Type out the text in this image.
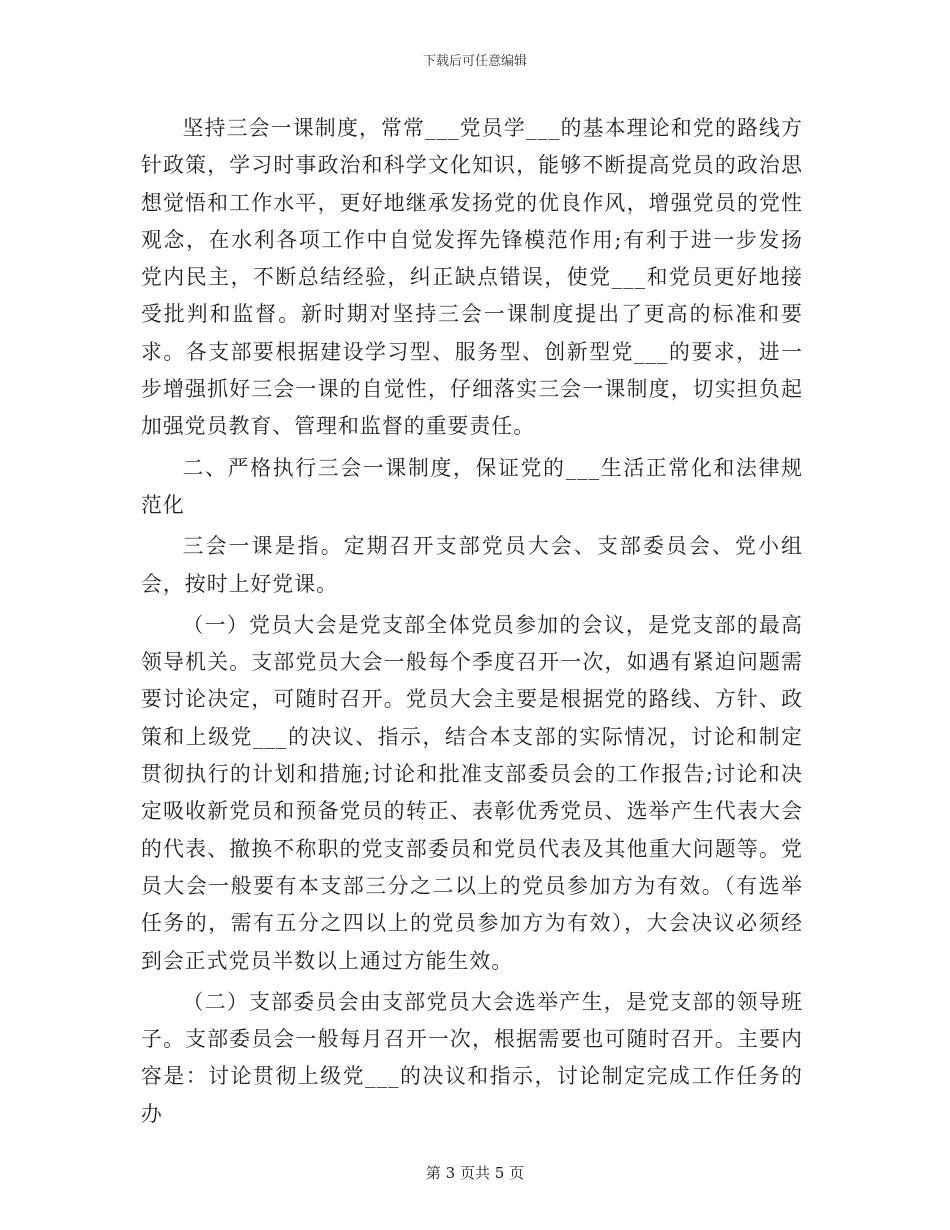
下载后可任意编辑

坚持三会一课制度，常常___党员学___的基本理论和党的路线方针政策，学习时事政治和科学文化知识，能够不断提高党员的政治思想觉悟和工作水平，更好地继承发扬党的优良作风，增强党员的党性观念，在水利各项工作中自觉发挥先锋模范作用;有利于进一步发扬党内民主，不断总结经验，纠正缺点错误，使党___和党员更好地接受批判和监督。新时期对坚持三会一课制度提出了更高的标准和要求。各支部要根据建设学习型、服务型、创新型党___的要求，进一步增强抓好三会一课的自觉性，仔细落实三会一课制度，切实担负起加强党员教育、管理和监督的重要责任。

二、严格执行三会一课制度，保证党的___生活正常化和法律规范化

三会一课是指。定期召开支部党员大会、支部委员会、党小组会，按时上好党课。

（一）党员大会是党支部全体党员参加的会议，是党支部的最高领导机关。支部党员大会一般每个季度召开一次，如遇有紧迫问题需要讨论决定，可随时召开。党员大会主要是根据党的路线、方针、政策和上级党___的决议、指示，结合本支部的实际情况，讨论和制定贯彻执行的计划和措施;讨论和批准支部委员会的工作报告;讨论和决定吸收新党员和预备党员的转正、表彰优秀党员、选举产生代表大会的代表、撤换不称职的党支部委员和党员代表及其他重大问题等。党员大会一般要有本支部三分之二以上的党员参加方为有效。（有选举任务的，需有五分之四以上的党员参加方为有效），大会决议必须经到会正式党员半数以上通过方能生效。

（二）支部委员会由支部党员大会选举产生，是党支部的领导班子。支部委员会一般每月召开一次，根据需要也可随时召开。主要内容是：讨论贯彻上级党___的决议和指示，讨论制定完成工作任务的办

第 3 页共 5 页
